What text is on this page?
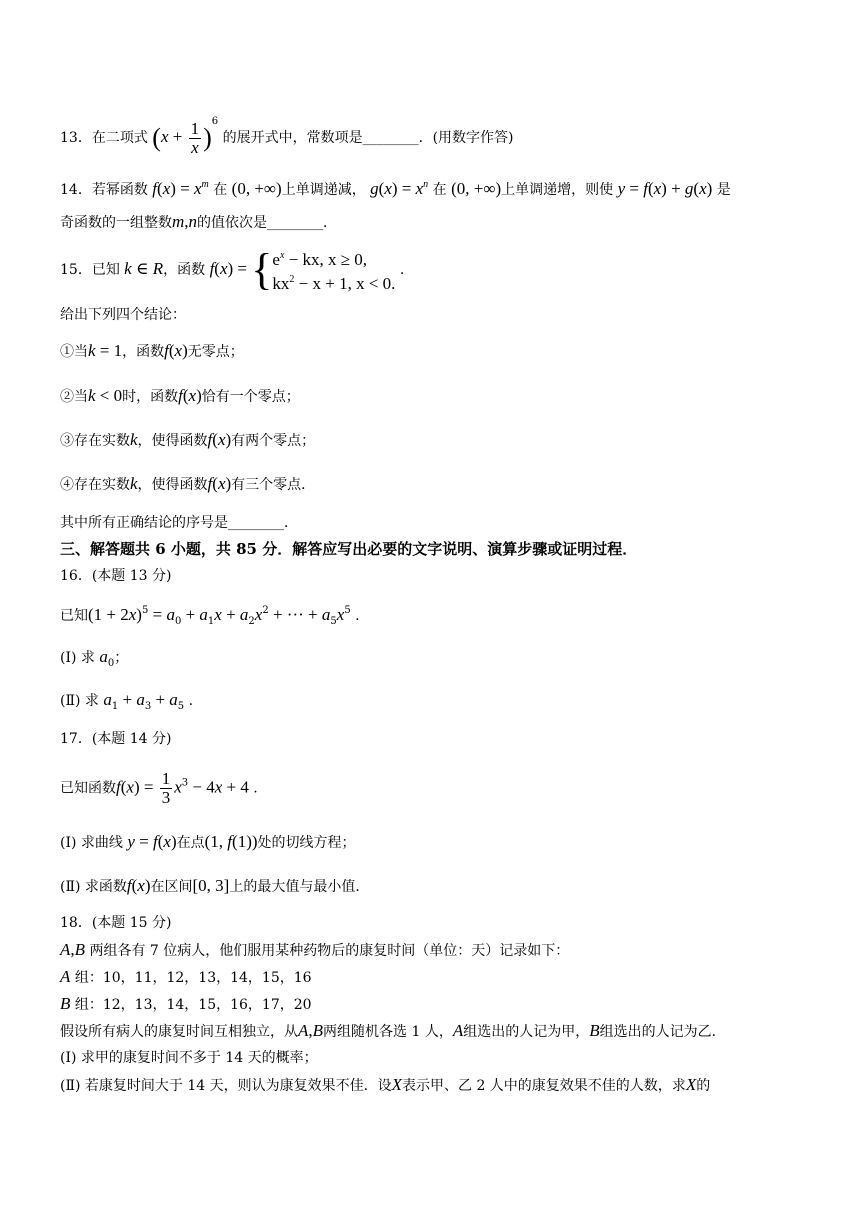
13．在二项式 $(x + \frac{1}{x} )^6$ 的展开式中，常数项是________．(用数字作答)
14．若幂函数 $f(x) = x^m$ 在 (0, +∞)上单调递减， $g(x) = x^n$ 在 (0, +∞)上单调递增，则使 y = f(x) + g(x) 是
奇函数的一组整数m,n的值依次是________．
15．已知 k ∈ R，函数 f(x) = { $e^x$ − kx, x ≥ 0,
$kx^2 - x + 1$, x < 0.
.
给出下列四个结论：
①当k = 1，函数f(x)无零点；
②当k < 0时，函数f(x)恰有一个零点；
③存在实数k，使得函数f(x)有两个零点；
④存在实数k，使得函数f(x)有三个零点．
其中所有正确结论的序号是________．
三、解答题共 6 小题，共 85 分．解答应写出必要的文字说明、演算步骤或证明过程．
16．(本题 13 分)
已知$(1 + 2x)^5 = a_0 + a_1x + a_2x^2$ + ··· + $a_5x^5$ .
(Ⅰ) 求 $a_0$；
(Ⅱ) 求 $a_1 + a_3 + a_5$ .
17．(本题 14 分)
已知函数$f(x) = \frac{1}{3} x^3 - 4x + 4$ .
(Ⅰ) 求曲线 y = f(x)在点(1, f(1))处的切线方程；
(Ⅱ) 求函数f(x)在区间[0, 3]上的最大值与最小值．
18．(本题 15 分)
A,B 两组各有 7 位病人，他们服用某种药物后的康复时间（单位：天）记录如下：
A 组：10，11，12，13，14，15，16
B 组：12，13，14，15，16，17，20
假设所有病人的康复时间互相独立，从A,B两组随机各选 1 人，A组选出的人记为甲，B组选出的人记为乙．
(Ⅰ) 求甲的康复时间不多于 14 天的概率；
(Ⅱ) 若康复时间大于 14 天，则认为康复效果不佳．设X表示甲、乙 2 人中的康复效果不佳的人数，求X的
